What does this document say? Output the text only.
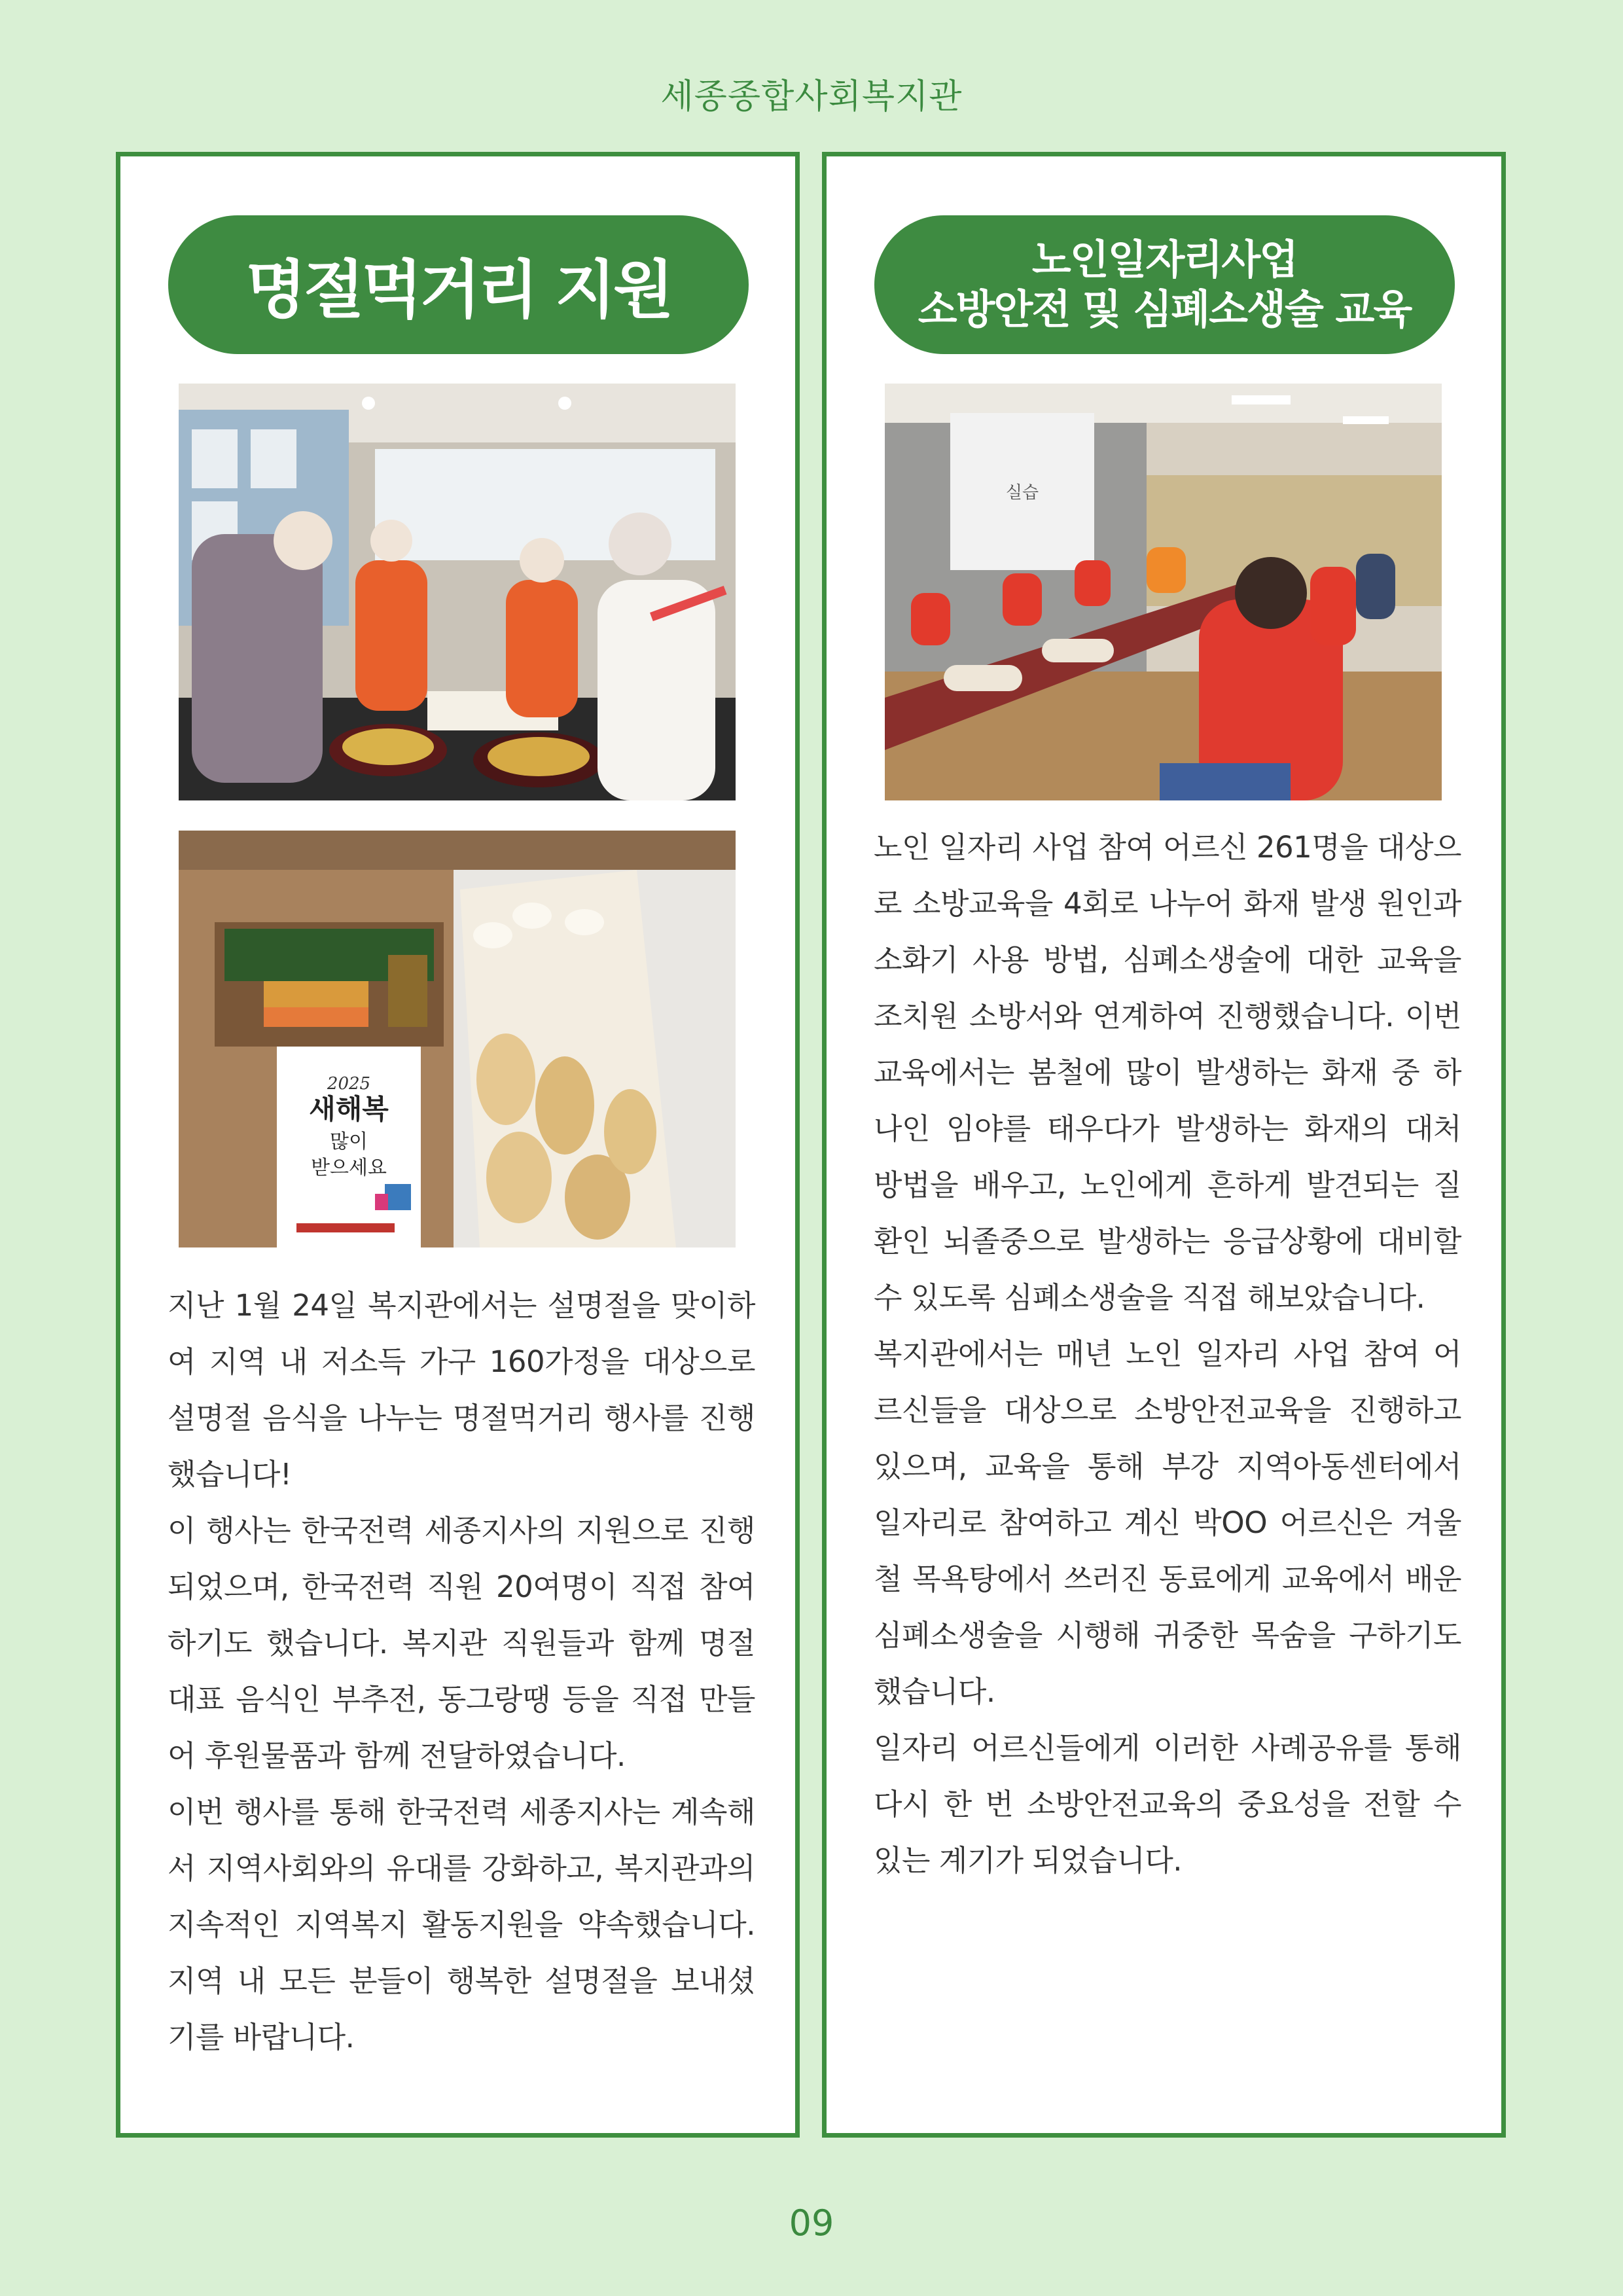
세종종합사회복지관
명절먹거리 지원
2025
새해복
많이
받으세요

지난 1월 24일 복지관에서는 설명절을 맞이하여 지역 내 저소득 가구 160가정을 대상으로 설명절 음식을 나누는 명절먹거리 행사를 진행했습니다!

이 행사는 한국전력 세종지사의 지원으로 진행되었으며, 한국전력 직원 20여명이 직접 참여하기도 했습니다. 복지관 직원들과 함께 명절 대표 음식인 부추전, 동그랑땡 등을 직접 만들어 후원물품과 함께 전달하였습니다.

이번 행사를 통해 한국전력 세종지사는 계속해서 지역사회와의 유대를 강화하고, 복지관과의 지속적인 지역복지 활동지원을 약속했습니다. 지역 내 모든 분들이 행복한 설명절을 보내셨기를 바랍니다.

노인일자리사업
소방안전 및 심폐소생술 교육
실습

노인 일자리 사업 참여 어르신 261명을 대상으로 소방교육을 4회로 나누어 화재 발생 원인과 소화기 사용 방법, 심폐소생술에 대한 교육을 조치원 소방서와 연계하여 진행했습니다. 이번 교육에서는 봄철에 많이 발생하는 화재 중 하나인 임야를 태우다가 발생하는 화재의 대처 방법을 배우고, 노인에게 흔하게 발견되는 질환인 뇌졸중으로 발생하는 응급상황에 대비할 수 있도록 심폐소생술을 직접 해보았습니다.

복지관에서는 매년 노인 일자리 사업 참여 어르신들을 대상으로 소방안전교육을 진행하고 있으며, 교육을 통해 부강 지역아동센터에서 일자리로 참여하고 계신 박OO 어르신은 겨울철 목욕탕에서 쓰러진 동료에게 교육에서 배운 심폐소생술을 시행해 귀중한 목숨을 구하기도 했습니다.

일자리 어르신들에게 이러한 사례공유를 통해 다시 한 번 소방안전교육의 중요성을 전할 수 있는 계기가 되었습니다.

09
